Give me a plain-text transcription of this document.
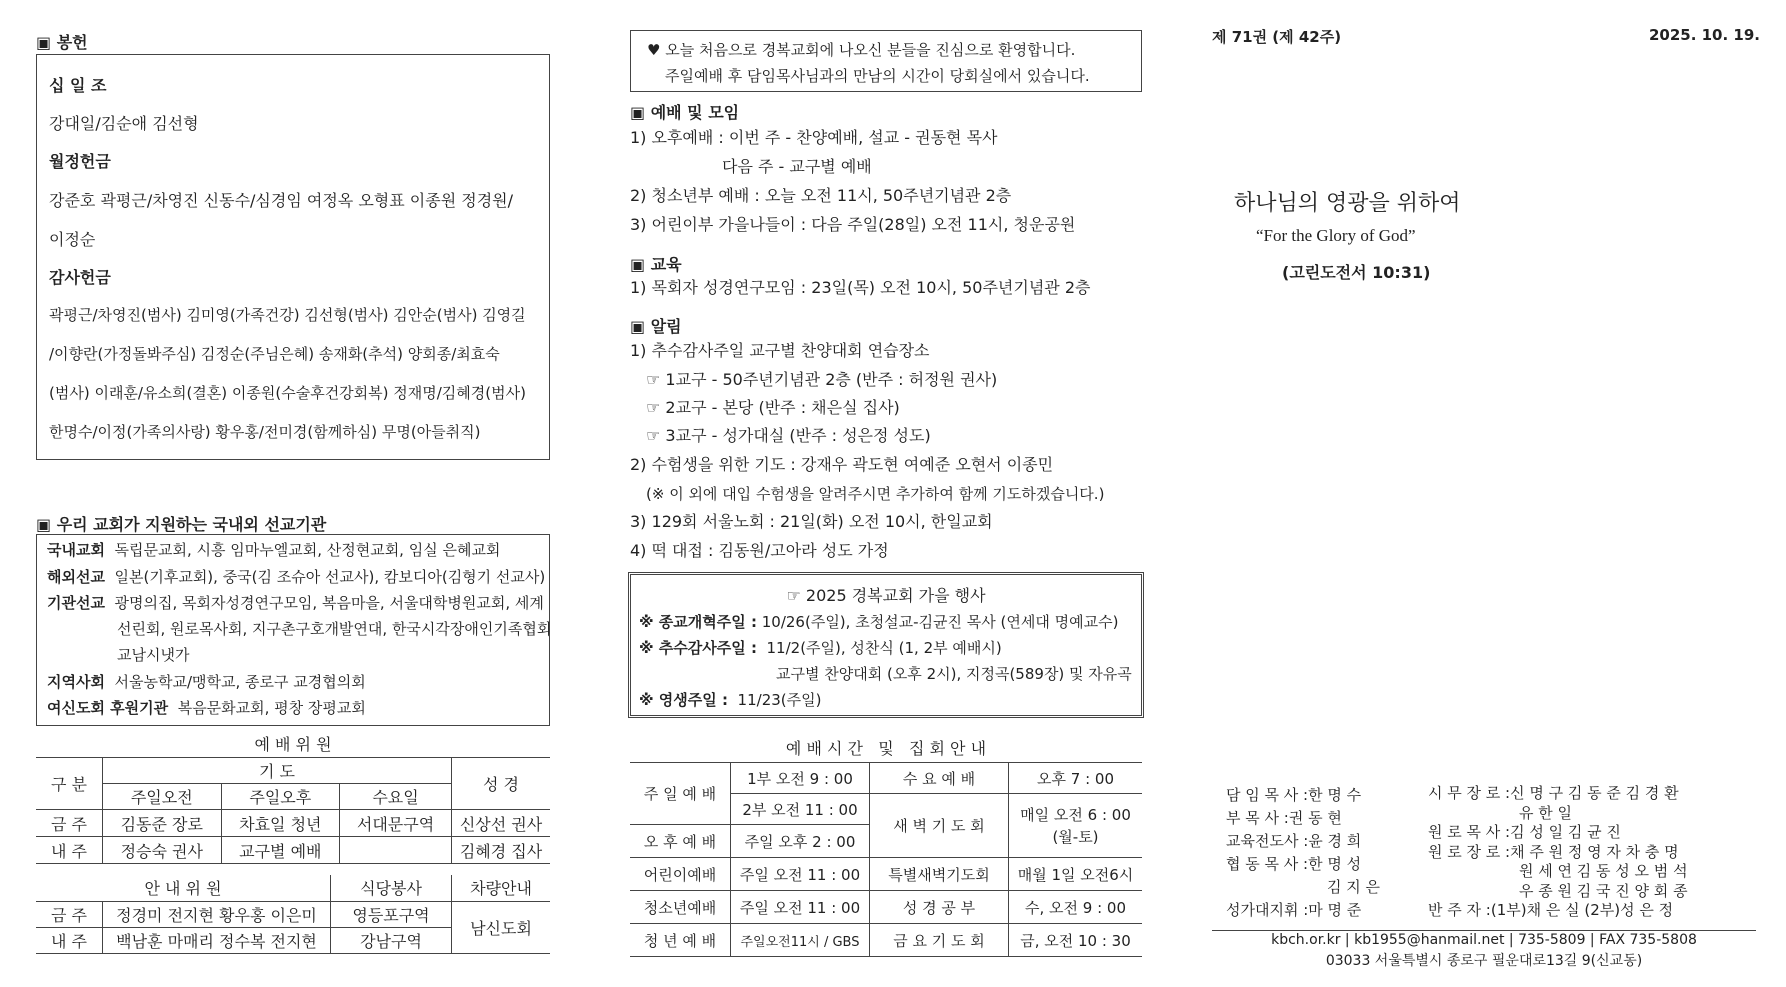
▣ 봉헌
십 일 조
강대일/김순애 김선형
월정헌금
강준호 곽평근/차영진 신동수/심경임 여정옥 오형표 이종원 정경원/
이정순
감사헌금
곽평근/차영진(범사) 김미영(가족건강) 김선형(범사) 김안순(범사) 김영길
/이향란(가정돌봐주심) 김정순(주님은혜) 송재화(추석) 양회종/최효숙
(범사) 이래훈/유소희(결혼) 이종원(수술후건강회복) 정재명/김혜경(범사)
한명수/이정(가족의사랑) 황우홍/전미경(함께하심) 무명(아들취직)
▣ 우리 교회가 지원하는 국내외 선교기관
국내교회 독립문교회, 시흥 임마누엘교회, 산정현교회, 임실 은혜교회
해외선교 일본(기후교회), 중국(김 조슈아 선교사), 캄보디아(김형기 선교사)
기관선교 광명의집, 목회자성경연구모임, 복음마을, 서울대학병원교회, 세계
선린회, 원로목사회, 지구촌구호개발연대, 한국시각장애인기족협회
교남시냇가
지역사회 서울농학교/맹학교, 종로구 교경협의회
여신도회 후원기관 복음문화교회, 평창 장평교회
예 배 위 원
구 분	기 도			성 경
	주일오전	주일오후	수요일	
금 주	김동준 장로	차효일 청년	서대문구역	신상선 권사
내 주	정승숙 권사	교구별 예배		김혜경 집사
안 내 위 원		식당봉사	차량안내
금 주	정경미 전지현 황우홍 이은미	영등포구역	남신도회
내 주	백남훈 마매리 정수복 전지현	강남구역	
♥ 오늘 처음으로 경복교회에 나오신 분들을 진심으로 환영합니다.
주일예배 후 담임목사님과의 만남의 시간이 당회실에서 있습니다.
▣ 예배 및 모임
1) 오후예배 : 이번 주 - 찬양예배, 설교 - 권동현 목사
다음 주 - 교구별 예배
2) 청소년부 예배 : 오늘 오전 11시, 50주년기념관 2층
3) 어린이부 가을나들이 : 다음 주일(28일) 오전 11시, 청운공원
▣ 교육
1) 목회자 성경연구모임 : 23일(목) 오전 10시, 50주년기념관 2층
▣ 알림
1) 추수감사주일 교구별 찬양대회 연습장소
☞ 1교구 - 50주년기념관 2층 (반주 : 허정원 권사)
☞ 2교구 - 본당 (반주 : 채은실 집사)
☞ 3교구 - 성가대실 (반주 : 성은정 성도)
2) 수험생을 위한 기도 : 강재우 곽도현 여예준 오현서 이종민
(※ 이 외에 대입 수험생을 알려주시면 추가하여 함께 기도하겠습니다.)
3) 129회 서울노회 : 21일(화) 오전 10시, 한일교회
4) 떡 대접 : 김동원/고아라 성도 가정
☞ 2025 경복교회 가을 행사
※ 종교개혁주일 : 10/26(주일), 초청설교-김균진 목사 (연세대 명예교수)
※ 추수감사주일 : 11/2(주일), 성찬식 (1, 2부 예배시)
교구별 찬양대회 (오후 2시), 지정곡(589장) 및 자유곡
※ 영생주일 : 11/23(주일)
예 배 시 간   및   집 회 안 내
주 일 예 배	1부 오전 9 : 00	수 요 예 배	오후 7 : 00
	2부 오전 11 : 00	새 벽 기 도 회	매일 오전 6 : 00
(월-토)

오 후 예 배	주일 오후 2 : 00		
어린이예배	주일 오전 11 : 00	특별새벽기도회	매월 1일 오전6시
청소년예배	주일 오전 11 : 00	성 경 공 부	수, 오전 9 : 00
청 년 예 배	주일오전11시 / GBS	금 요 기 도 회	금, 오전 10 : 30
제 71권 (제 42주)	2025. 10. 19.
하나님의 영광을 위하여
“For the Glory of God”
(고린도전서 10:31)
담 임 목 사 :한 명 수
부 목 사 :권 동 현
교육전도사 :윤 경 희
협 동 목 사 :한 명 성
김 지 은
성가대지휘 :마 명 준
시 무 장 로 :신 명 구 김 동 준 김 경 환
유 한 일
원 로 목 사 :김 성 일 김 균 진
원 로 장 로 :채 주 원 정 영 자 차 충 명
원 세 연 김 동 성 오 범 석
우 종 원 김 국 진 양 회 종
반 주 자 :(1부)채 은 실 (2부)성 은 정
kbch.or.kr | kb1955@hanmail.net | 735-5809 | FAX 735-5808
03033 서울특별시 종로구 필운대로13길 9(신교동)
